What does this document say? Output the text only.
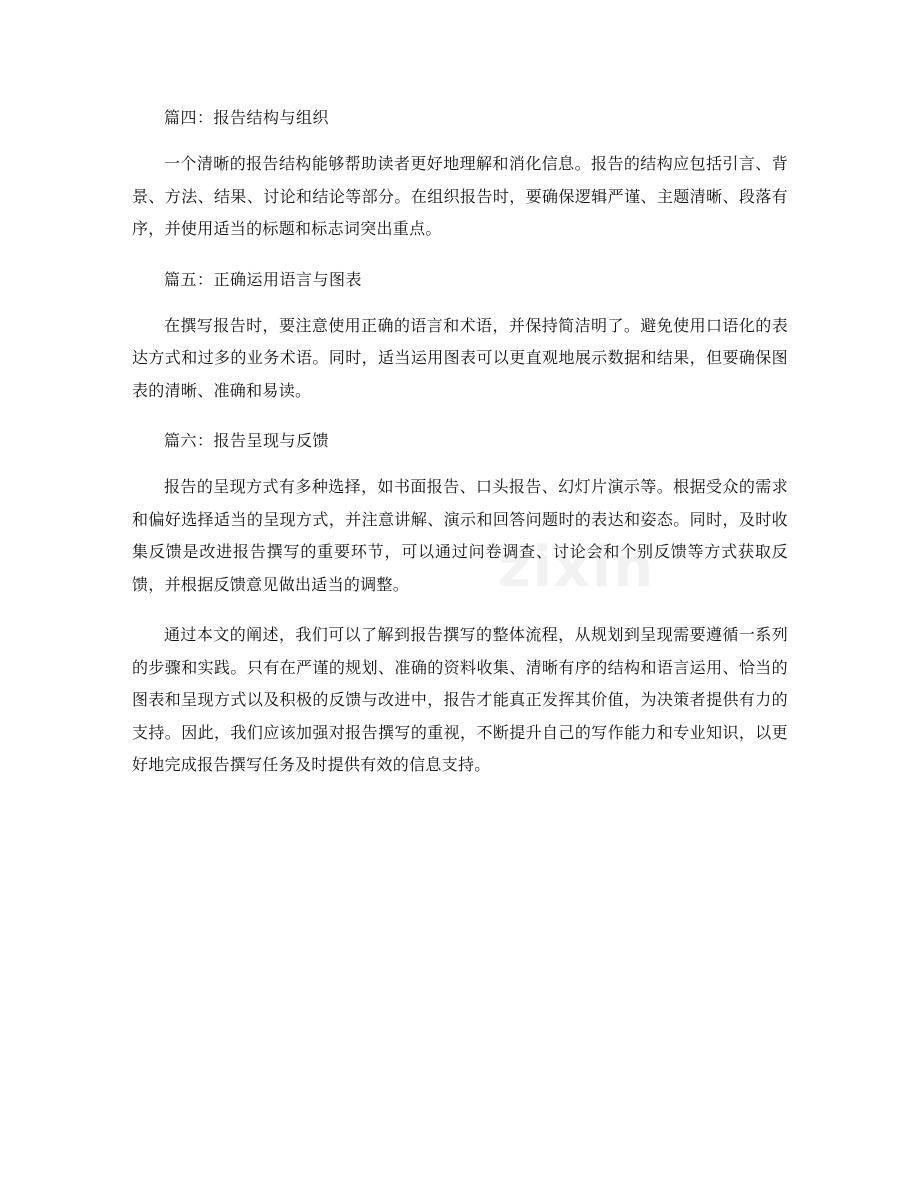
篇四：报告结构与组织

一个清晰的报告结构能够帮助读者更好地理解和消化信息。报告的结构应包括引言、背景、方法、结果、讨论和结论等部分。在组织报告时，要确保逻辑严谨、主题清晰、段落有序，并使用适当的标题和标志词突出重点。

篇五：正确运用语言与图表

在撰写报告时，要注意使用正确的语言和术语，并保持简洁明了。避免使用口语化的表达方式和过多的业务术语。同时，适当运用图表可以更直观地展示数据和结果，但要确保图表的清晰、准确和易读。

篇六：报告呈现与反馈

报告的呈现方式有多种选择，如书面报告、口头报告、幻灯片演示等。根据受众的需求和偏好选择适当的呈现方式，并注意讲解、演示和回答问题时的表达和姿态。同时，及时收集反馈是改进报告撰写的重要环节，可以通过问卷调查、讨论会和个别反馈等方式获取反馈，并根据反馈意见做出适当的调整。

通过本文的阐述，我们可以了解到报告撰写的整体流程，从规划到呈现需要遵循一系列的步骤和实践。只有在严谨的规划、准确的资料收集、清晰有序的结构和语言运用、恰当的图表和呈现方式以及积极的反馈与改进中，报告才能真正发挥其价值，为决策者提供有力的支持。因此，我们应该加强对报告撰写的重视，不断提升自己的写作能力和专业知识，以更好地完成报告撰写任务及时提供有效的信息支持。

zixin
